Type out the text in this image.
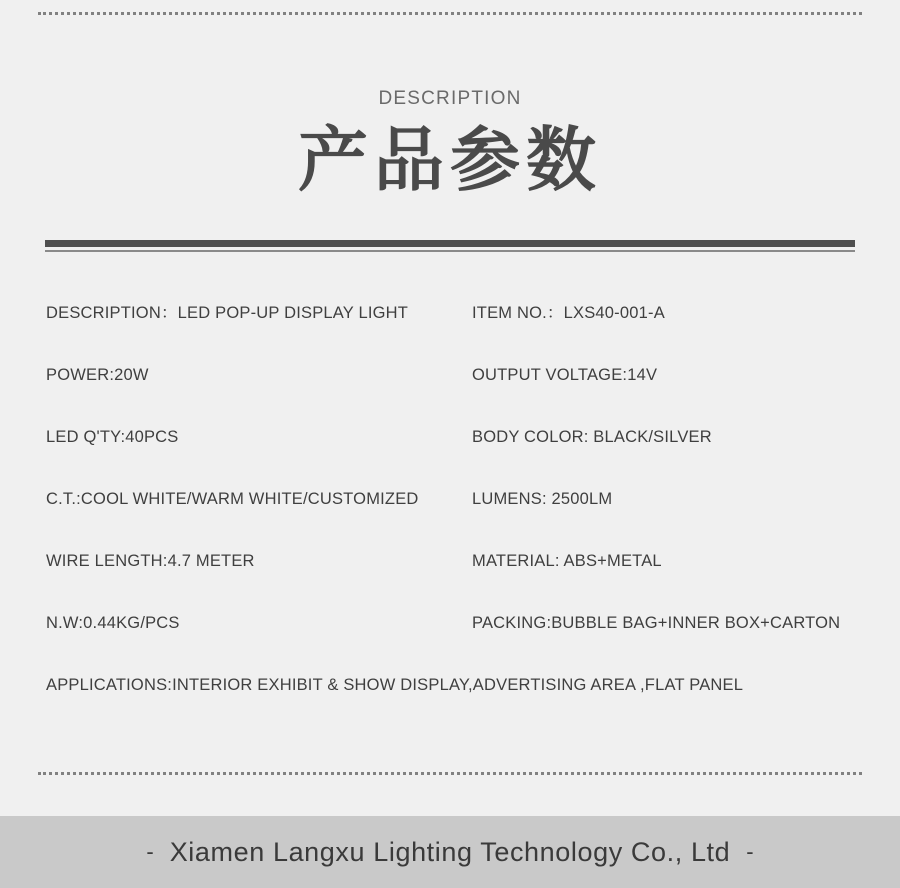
DESCRIPTION
产品参数
DESCRIPTION：LED POP-UP DISPLAY LIGHT	ITEM NO.：LXS40-001-A
POWER:20W	OUTPUT VOLTAGE:14V
LED Q'TY:40PCS	BODY COLOR: BLACK/SILVER
C.T.:COOL WHITE/WARM WHITE/CUSTOMIZED	LUMENS: 2500LM
WIRE LENGTH:4.7 METER	MATERIAL: ABS+METAL
N.W:0.44KG/PCS	PACKING:BUBBLE BAG+INNER BOX+CARTON
APPLICATIONS:INTERIOR EXHIBIT & SHOW DISPLAY,ADVERTISING AREA ,FLAT PANEL
- Xiamen Langxu Lighting Technology Co., Ltd -
